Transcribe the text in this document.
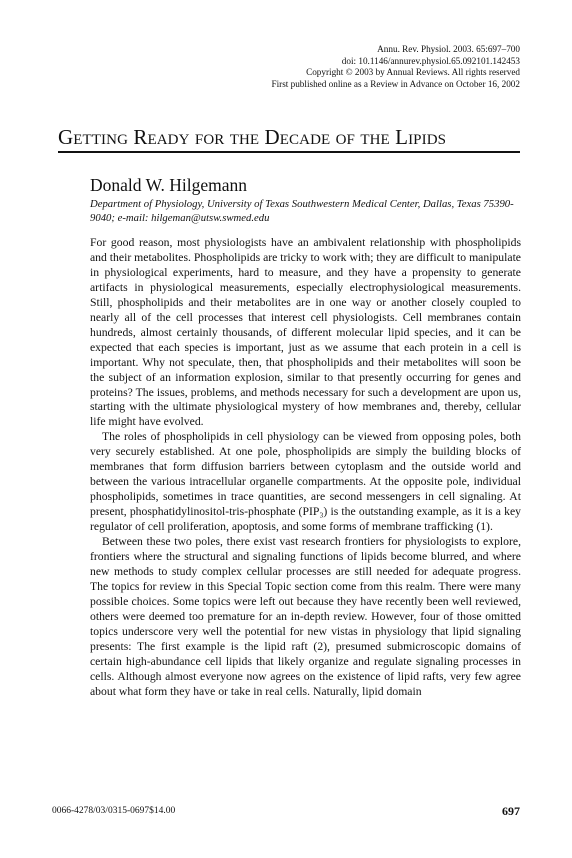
Annu. Rev. Physiol. 2003. 65:697–700
doi: 10.1146/annurev.physiol.65.092101.142453
Copyright © 2003 by Annual Reviews. All rights reserved
First published online as a Review in Advance on October 16, 2002
Getting Ready for the Decade of the Lipids
Donald W. Hilgemann
Department of Physiology, University of Texas Southwestern Medical Center, Dallas, Texas 75390-9040; e-mail: hilgeman@utsw.swmed.edu

For good reason, most physiologists have an ambivalent relationship with phospholipids and their metabolites. Phospholipids are tricky to work with; they are difficult to manipulate in physiological experiments, hard to measure, and they have a propensity to generate artifacts in physiological measurements, especially electrophysiological measurements. Still, phospholipids and their metabolites are in one way or another closely coupled to nearly all of the cell processes that interest cell physiologists. Cell membranes contain hundreds, almost certainly thousands, of different molecular lipid species, and it can be expected that each species is important, just as we assume that each protein in a cell is important. Why not speculate, then, that phospholipids and their metabolites will soon be the subject of an information explosion, similar to that presently occurring for genes and proteins? The issues, problems, and methods necessary for such a development are upon us, starting with the ultimate physiological mystery of how membranes and, thereby, cellular life might have evolved.

The roles of phospholipids in cell physiology can be viewed from opposing poles, both very securely established. At one pole, phospholipids are simply the building blocks of membranes that form diffusion barriers between cytoplasm and the outside world and between the various intracellular organelle compartments. At the opposite pole, individual phospholipids, sometimes in trace quantities, are second messengers in cell signaling. At present, phosphatidylinositol-tris-phosphate (PIP₃) is the outstanding example, as it is a key regulator of cell proliferation, apoptosis, and some forms of membrane trafficking (1).

Between these two poles, there exist vast research frontiers for physiologists to explore, frontiers where the structural and signaling functions of lipids become blurred, and where new methods to study complex cellular processes are still needed for adequate progress. The topics for review in this Special Topic section come from this realm. There were many possible choices. Some topics were left out because they have recently been well reviewed, others were deemed too premature for an in-depth review. However, four of those omitted topics underscore very well the potential for new vistas in physiology that lipid signaling presents: The first example is the lipid raft (2), presumed submicroscopic domains of certain high-abundance cell lipids that likely organize and regulate signaling processes in cells. Although almost everyone now agrees on the existence of lipid rafts, very few agree about what form they have or take in real cells. Naturally, lipid domain

0066-4278/03/0315-0697$14.00	697
